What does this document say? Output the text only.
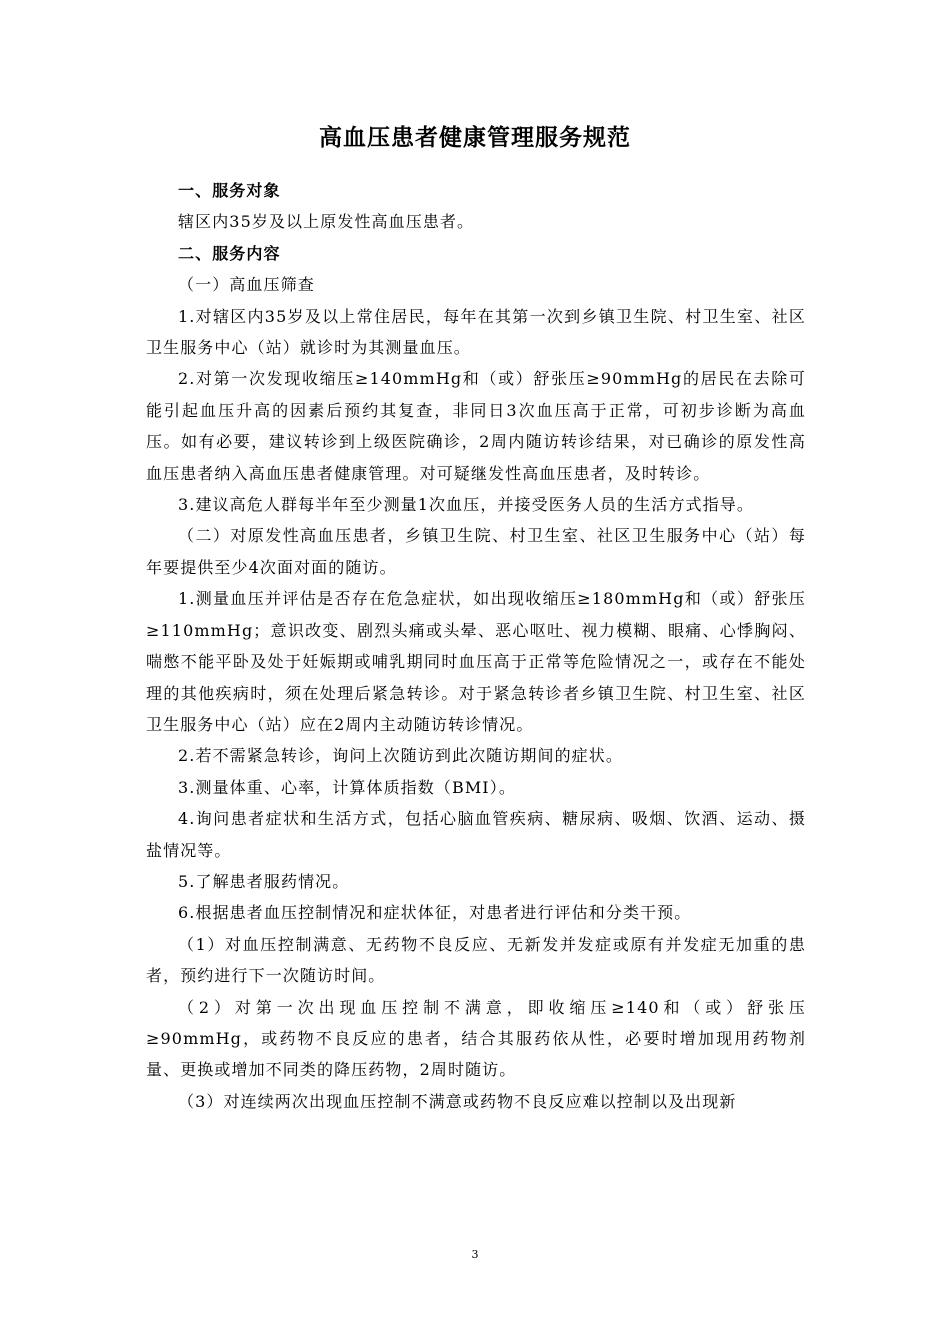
高血压患者健康管理服务规范

一、服务对象

辖区内35岁及以上原发性高血压患者。

二、服务内容

（一）高血压筛查

1.对辖区内35岁及以上常住居民，每年在其第一次到乡镇卫生院、村卫生室、社区卫生服务中心（站）就诊时为其测量血压。

2.对第一次发现收缩压≥140mmHg和（或）舒张压≥90mmHg的居民在去除可能引起血压升高的因素后预约其复查，非同日3次血压高于正常，可初步诊断为高血压。如有必要，建议转诊到上级医院确诊，2周内随访转诊结果，对已确诊的原发性高血压患者纳入高血压患者健康管理。对可疑继发性高血压患者，及时转诊。

3.建议高危人群每半年至少测量1次血压，并接受医务人员的生活方式指导。

（二）对原发性高血压患者，乡镇卫生院、村卫生室、社区卫生服务中心（站）每年要提供至少4次面对面的随访。

1.测量血压并评估是否存在危急症状，如出现收缩压≥180mmHg和（或）舒张压≥110mmHg；意识改变、剧烈头痛或头晕、恶心呕吐、视力模糊、眼痛、心悸胸闷、喘憋不能平卧及处于妊娠期或哺乳期同时血压高于正常等危险情况之一，或存在不能处理的其他疾病时，须在处理后紧急转诊。对于紧急转诊者乡镇卫生院、村卫生室、社区卫生服务中心（站）应在2周内主动随访转诊情况。

2.若不需紧急转诊，询问上次随访到此次随访期间的症状。

3.测量体重、心率，计算体质指数（BMI）。

4.询问患者症状和生活方式，包括心脑血管疾病、糖尿病、吸烟、饮酒、运动、摄盐情况等。

5.了解患者服药情况。

6.根据患者血压控制情况和症状体征，对患者进行评估和分类干预。

（1）对血压控制满意、无药物不良反应、无新发并发症或原有并发症无加重的患者，预约进行下一次随访时间。

（2）对第一次出现血压控制不满意，即收缩压≥140和（或）舒张压≥90mmHg，或药物不良反应的患者，结合其服药依从性，必要时增加现用药物剂量、更换或增加不同类的降压药物，2周时随访。

（3）对连续两次出现血压控制不满意或药物不良反应难以控制以及出现新

3
